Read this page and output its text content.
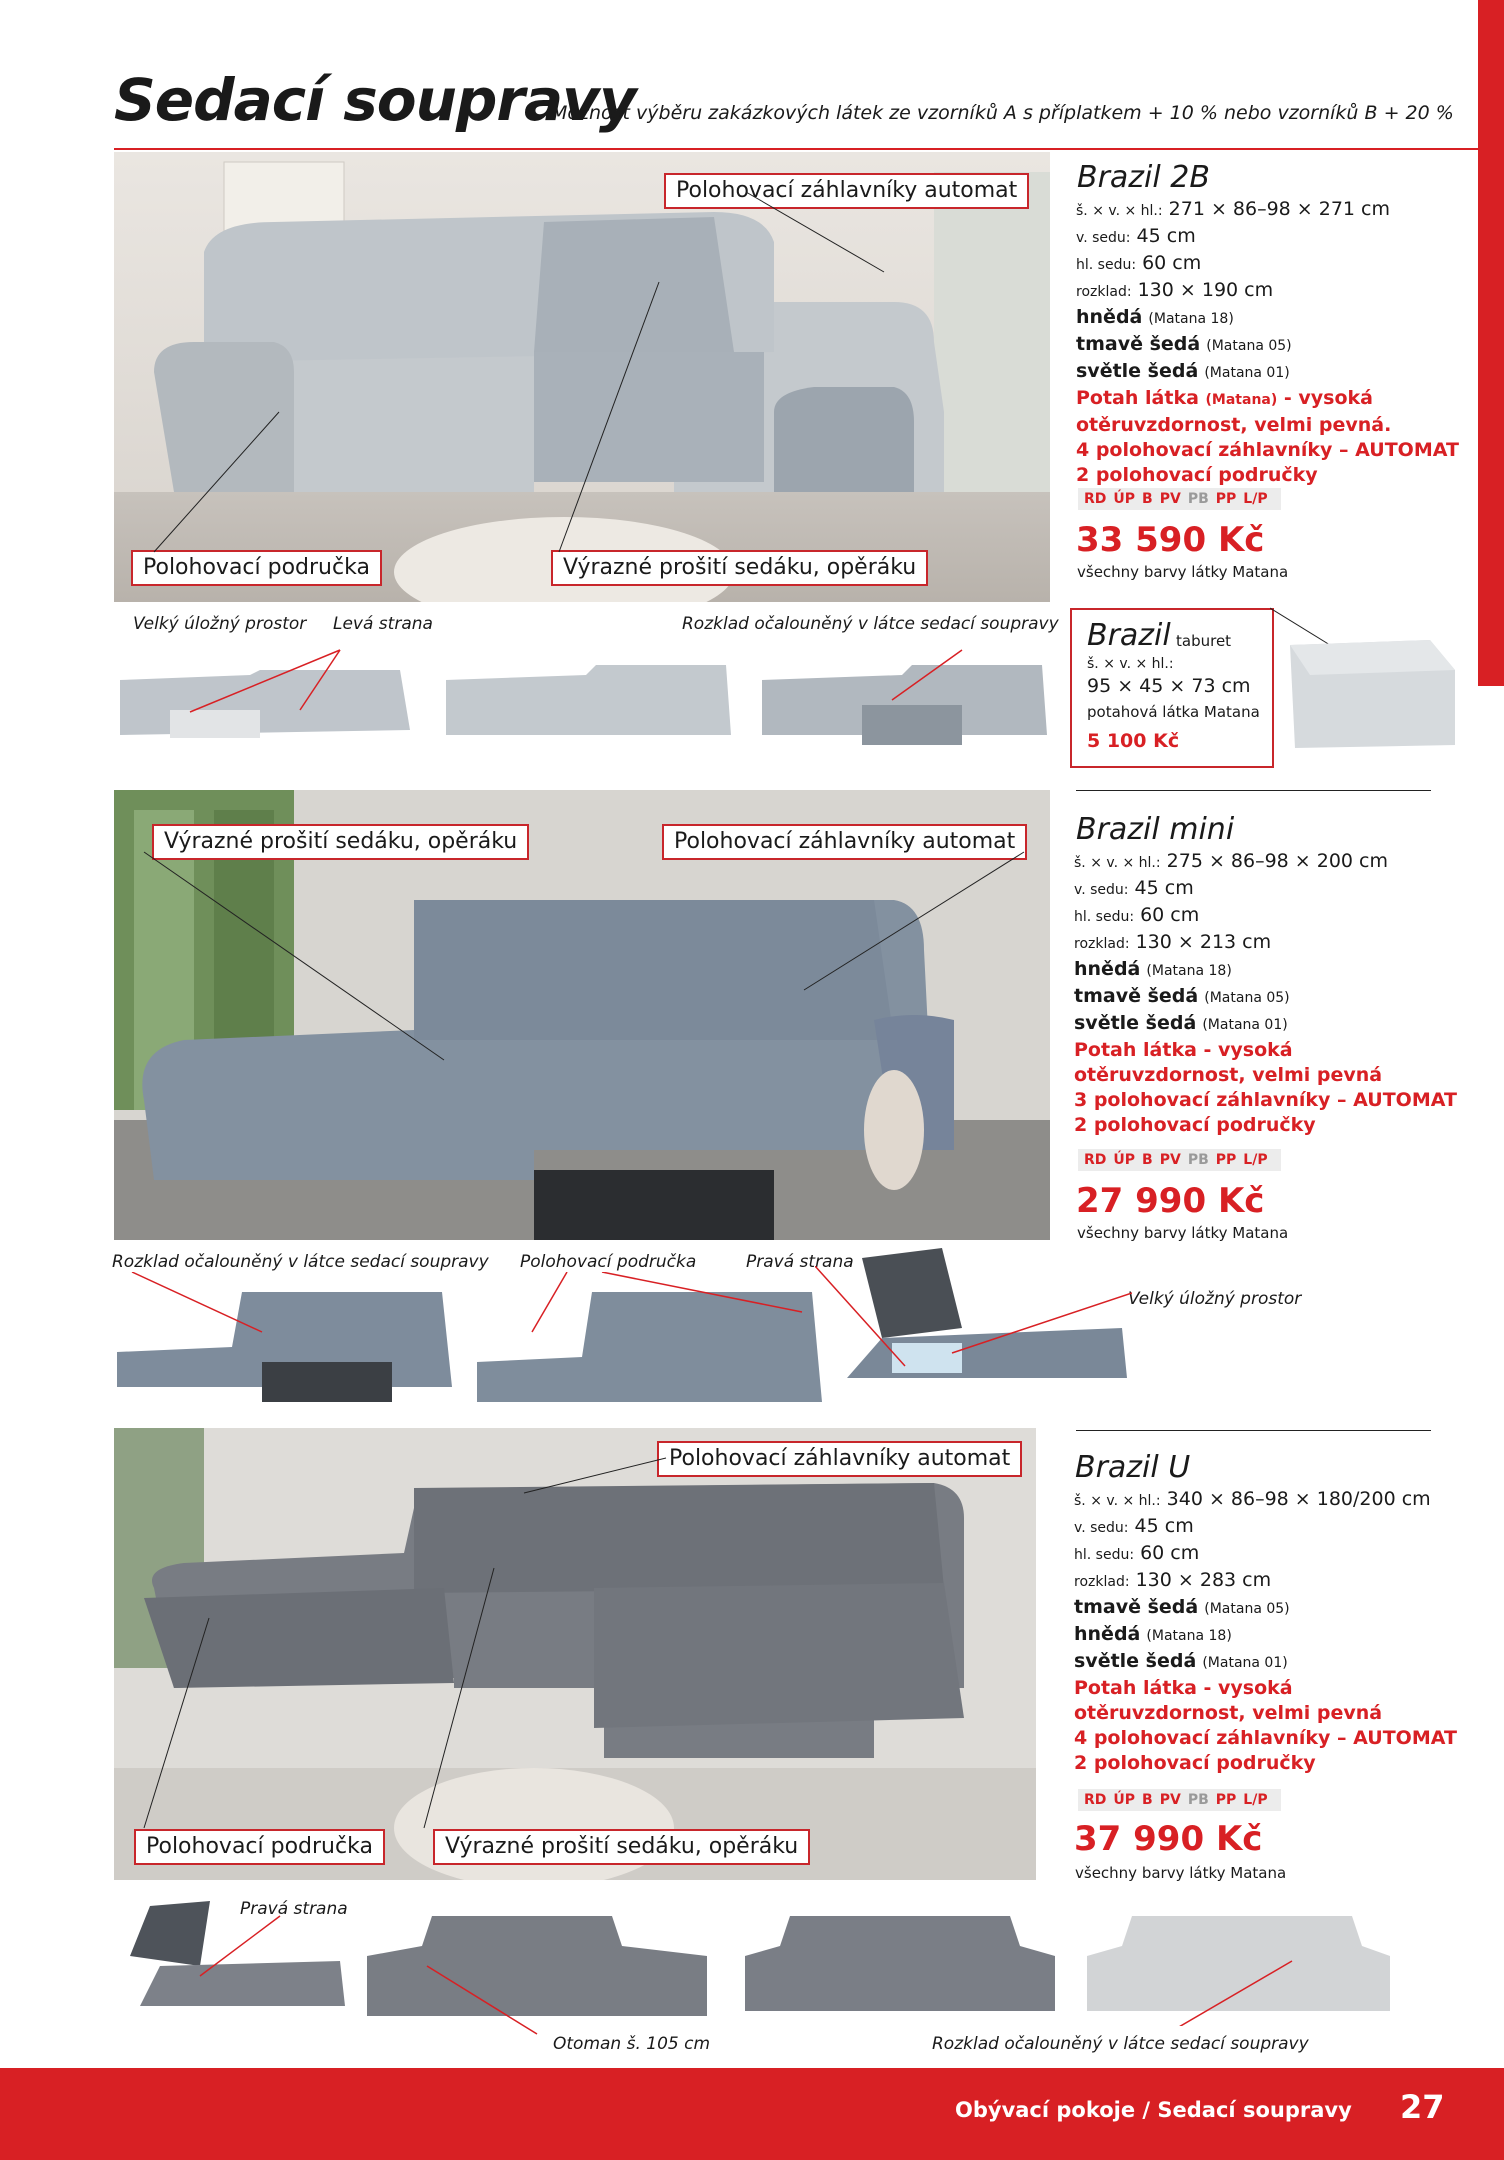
Sedací soupravy
Možnost výběru zakázkových látek ze vzorníků A s příplatkem + 10 % nebo vzorníků B + 20 %
Polohovací záhlavníky automat
Polohovací područka	Výrazné prošití sedáku, opěráku
Brazil 2B
š. × v. × hl.: 271 × 86–98 × 271 cm
v. sedu: 45 cm
hl. sedu: 60 cm
rozklad: 130 × 190 cm
hnědá (Matana 18)
tmavě šedá (Matana 05)
světle šedá (Matana 01)
Potah látka (Matana) - vysoká
otěruvzdornost, velmi pevná.
4 polohovací záhlavníky – AUTOMAT
2 polohovací područky
RD ÚP B PV PB PP L/P
33 590 Kč
všechny barvy látky Matana
Velký úložný prostor Levá strana	Rozklad očalouněný v látce sedací soupravy Brazil taburet
š. × v. × hl.:
95 × 45 × 73 cm
potahová látka Matana
5 100 Kč
Výrazné prošití sedáku, opěráku	Polohovací záhlavníky automat	Brazil mini
š. × v. × hl.: 275 × 86–98 × 200 cm
v. sedu: 45 cm
hl. sedu: 60 cm
rozklad: 130 × 213 cm
hnědá (Matana 18)
tmavě šedá (Matana 05)
světle šedá (Matana 01)
Potah látka - vysoká
otěruvzdornost, velmi pevná
3 polohovací záhlavníky – AUTOMAT
2 polohovací područky
RD ÚP B PV PB PP L/P
27 990 Kč
všechny barvy látky Matana
Rozklad očalouněný v látce sedací soupravy Polohovací područka	Pravá strana
Velký úložný prostor
Polohovací záhlavníky automat
Polohovací područka	Výrazné prošití sedáku, opěráku
Brazil U
š. × v. × hl.: 340 × 86–98 × 180/200 cm
v. sedu: 45 cm
hl. sedu: 60 cm
rozklad: 130 × 283 cm
tmavě šedá (Matana 05)
hnědá (Matana 18)
světle šedá (Matana 01)
Potah látka - vysoká
otěruvzdornost, velmi pevná
4 polohovací záhlavníky – AUTOMAT
2 polohovací područky
RD ÚP B PV PB PP L/P
37 990 Kč
všechny barvy látky Matana
Pravá strana
Otoman š. 105 cm	Rozklad očalouněný v látce sedací soupravy
Obývací pokoje / Sedací soupravy 27
